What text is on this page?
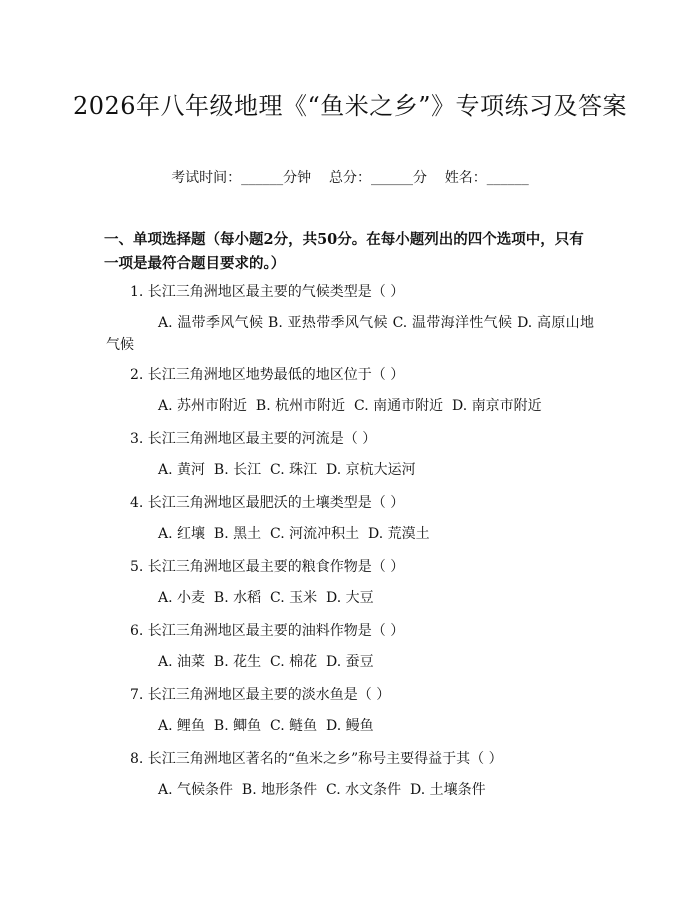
2026年八年级地理《“鱼米之乡”》专项练习及答案
考试时间：______分钟    总分：______分    姓名：______
一、单项选择题（每小题2分，共50分。在每小题列出的四个选项中，只有一项是最符合题目要求的。）
1. 长江三角洲地区最主要的气候类型是（ ）
A. 温带季风气候 B. 亚热带季风气候 C. 温带海洋性气候 D. 高原山地气候
2. 长江三角洲地区地势最低的地区位于（ ）
A. 苏州市附近  B. 杭州市附近  C. 南通市附近  D. 南京市附近
3. 长江三角洲地区最主要的河流是（ ）
A. 黄河  B. 长江  C. 珠江  D. 京杭大运河
4. 长江三角洲地区最肥沃的土壤类型是（ ）
A. 红壤  B. 黑土  C. 河流冲积土  D. 荒漠土
5. 长江三角洲地区最主要的粮食作物是（ ）
A. 小麦  B. 水稻  C. 玉米  D. 大豆
6. 长江三角洲地区最主要的油料作物是（ ）
A. 油菜  B. 花生  C. 棉花  D. 蚕豆
7. 长江三角洲地区最主要的淡水鱼是（ ）
A. 鲤鱼  B. 鲫鱼  C. 鲢鱼  D. 鳗鱼
8. 长江三角洲地区著名的“鱼米之乡”称号主要得益于其（ ）
A. 气候条件  B. 地形条件  C. 水文条件  D. 土壤条件
